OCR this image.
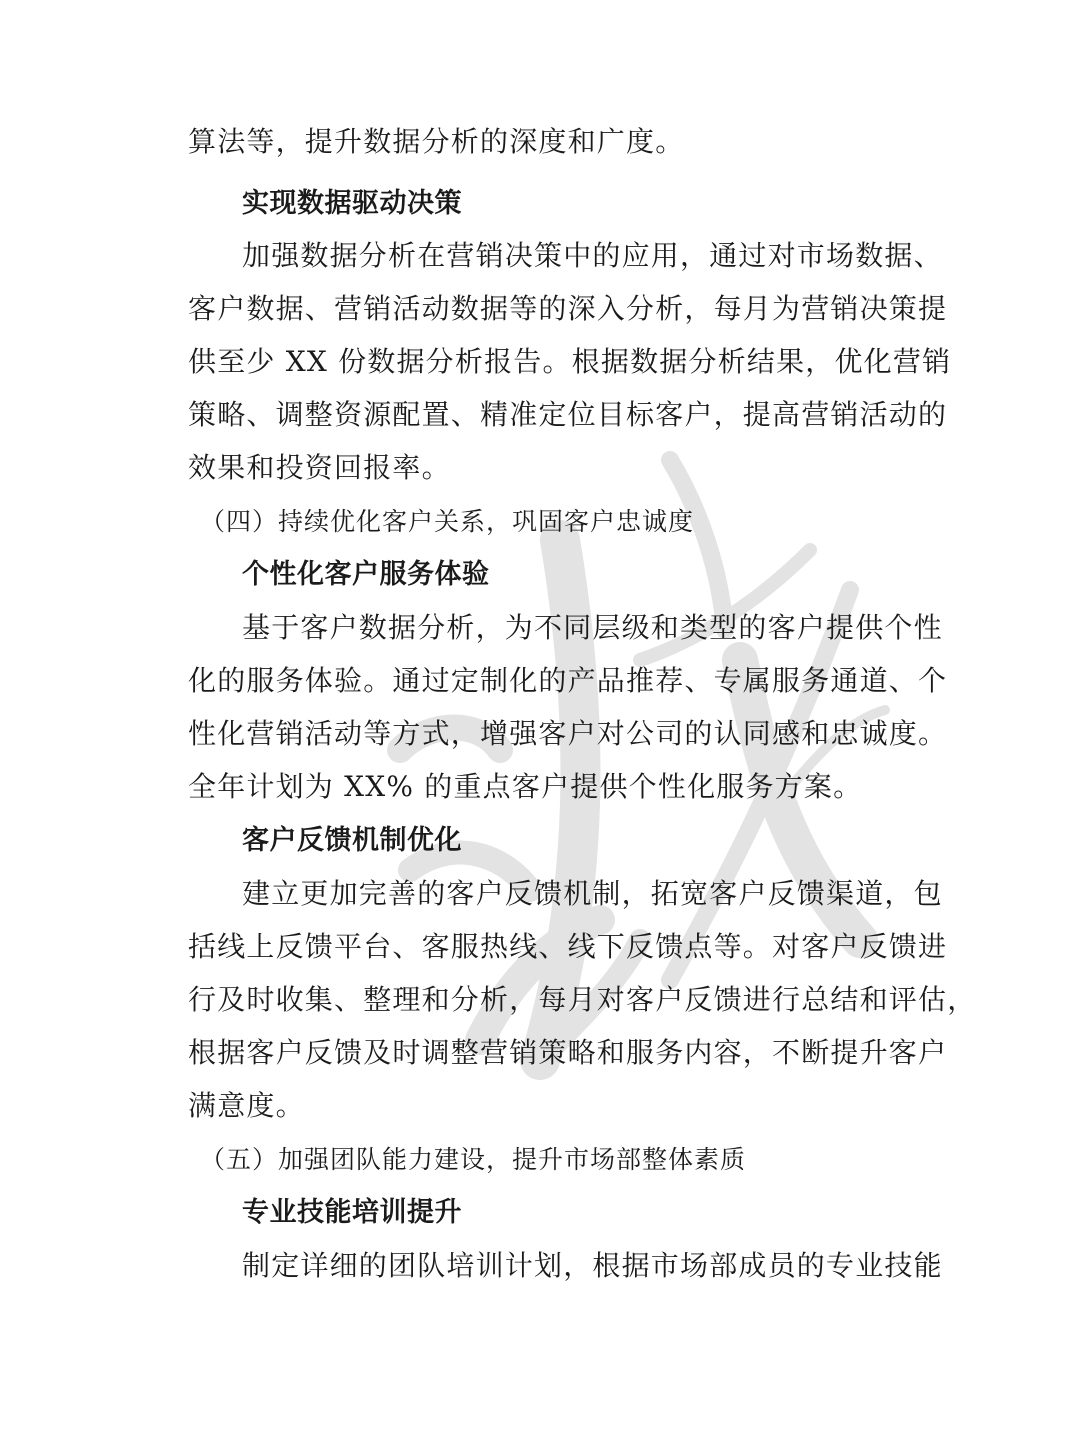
算法等，提升数据分析的深度和广度。
实现数据驱动决策
加强数据分析在营销决策中的应用，通过对市场数据、
客户数据、营销活动数据等的深入分析，每月为营销决策提
供至少 XX 份数据分析报告。根据数据分析结果，优化营销
策略、调整资源配置、精准定位目标客户，提高营销活动的
效果和投资回报率。
（四）持续优化客户关系，巩固客户忠诚度
个性化客户服务体验
基于客户数据分析，为不同层级和类型的客户提供个性
化的服务体验。通过定制化的产品推荐、专属服务通道、个
性化营销活动等方式，增强客户对公司的认同感和忠诚度。
全年计划为 XX% 的重点客户提供个性化服务方案。
客户反馈机制优化
建立更加完善的客户反馈机制，拓宽客户反馈渠道，包
括线上反馈平台、客服热线、线下反馈点等。对客户反馈进
行及时收集、整理和分析，每月对客户反馈进行总结和评估，
根据客户反馈及时调整营销策略和服务内容，不断提升客户
满意度。
（五）加强团队能力建设，提升市场部整体素质
专业技能培训提升
制定详细的团队培训计划，根据市场部成员的专业技能
